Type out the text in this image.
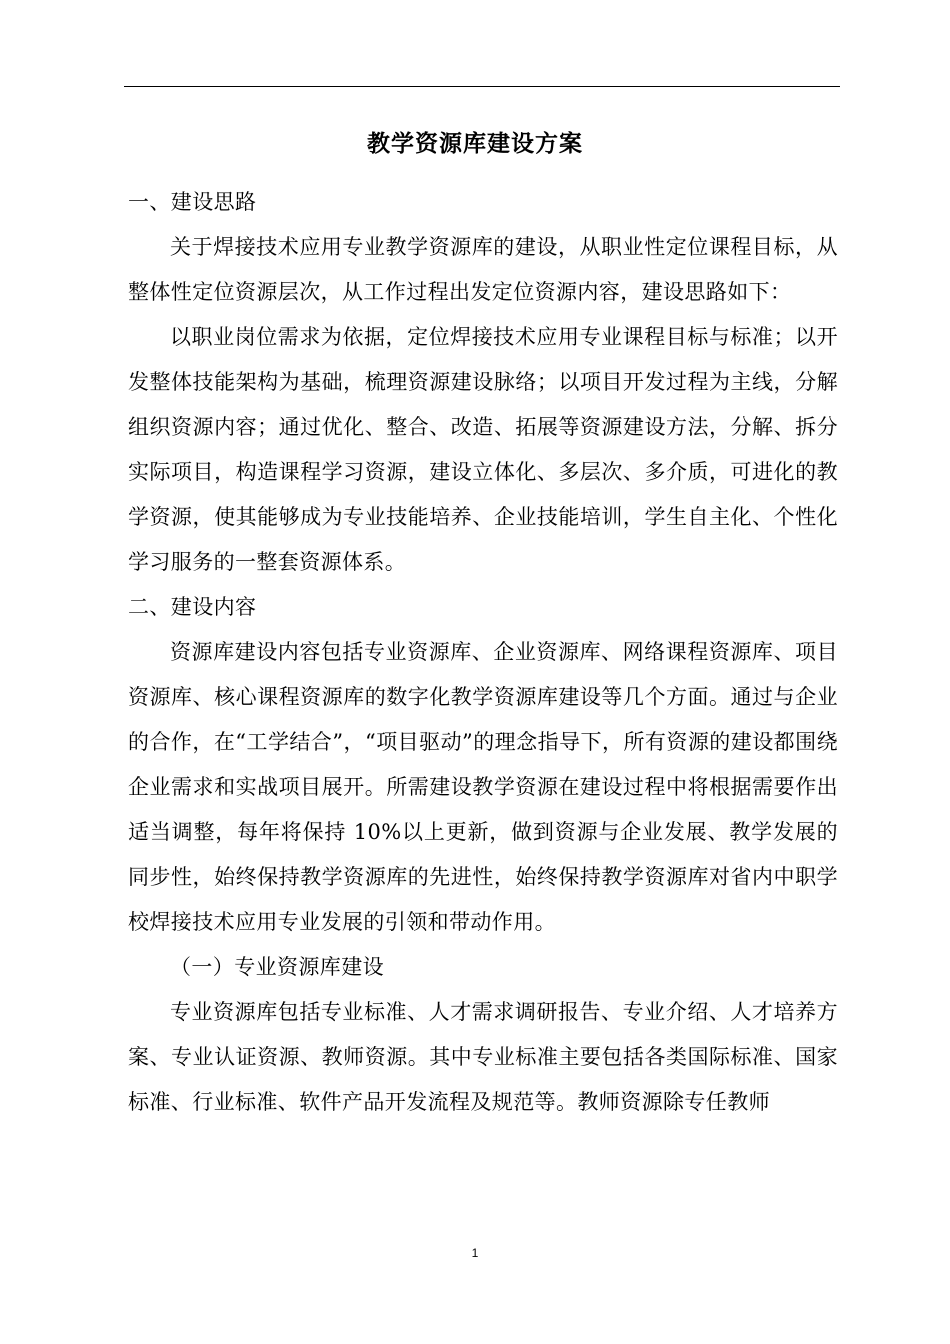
教学资源库建设方案

一、建设思路

关于焊接技术应用专业教学资源库的建设，从职业性定位课程目标，从整体性定位资源层次，从工作过程出发定位资源内容，建设思路如下：

以职业岗位需求为依据，定位焊接技术应用专业课程目标与标准；以开发整体技能架构为基础，梳理资源建设脉络；以项目开发过程为主线，分解组织资源内容；通过优化、整合、改造、拓展等资源建设方法，分解、拆分实际项目，构造课程学习资源，建设立体化、多层次、多介质，可进化的教学资源，使其能够成为专业技能培养、企业技能培训，学生自主化、个性化学习服务的一整套资源体系。

二、建设内容

资源库建设内容包括专业资源库、企业资源库、网络课程资源库、项目资源库、核心课程资源库的数字化教学资源库建设等几个方面。通过与企业的合作，在“工学结合”，“项目驱动”的理念指导下，所有资源的建设都围绕企业需求和实战项目展开。所需建设教学资源在建设过程中将根据需要作出适当调整，每年将保持 10%以上更新，做到资源与企业发展、教学发展的同步性，始终保持教学资源库的先进性，始终保持教学资源库对省内中职学校焊接技术应用专业发展的引领和带动作用。

（一）专业资源库建设

专业资源库包括专业标准、人才需求调研报告、专业介绍、人才培养方案、专业认证资源、教师资源。其中专业标准主要包括各类国际标准、国家标准、行业标准、软件产品开发流程及规范等。教师资源除专任教师

1
